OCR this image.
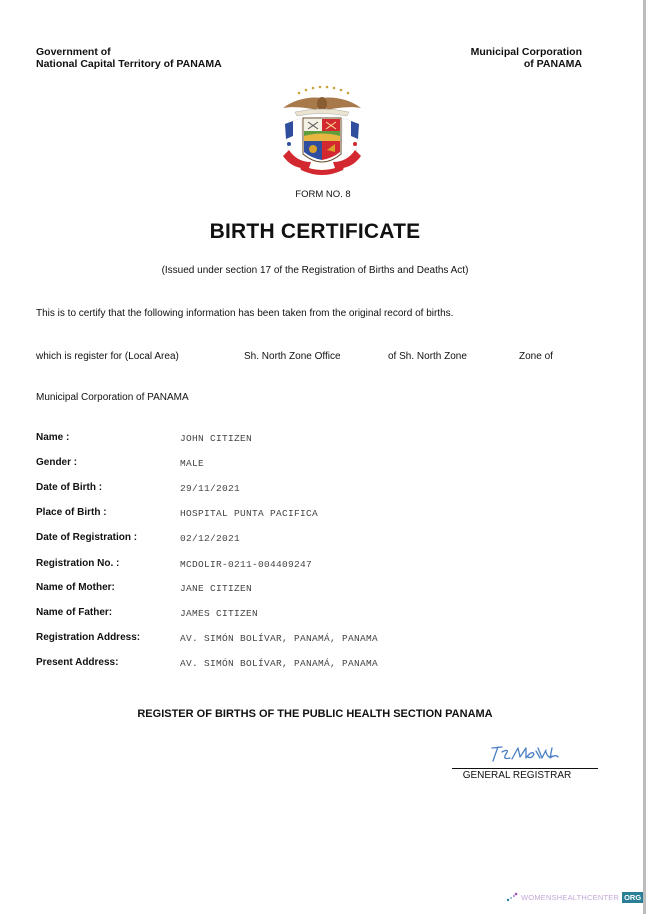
Government of
National Capital Territory of PANAMA
Municipal Corporation
of PANAMA
FORM NO. 8
BIRTH CERTIFICATE
(Issued under section 17 of the Registration of Births and Deaths Act)
This is to certify that the following information has been taken from the original record of births.
which is register for (Local Area)	Sh. North Zone Office	of Sh. North Zone	Zone of
Municipal Corporation of PANAMA
Name :	JOHN CITIZEN
Gender :	MALE
Date of Birth :	29/11/2021
Place of Birth :	HOSPITAL PUNTA PACIFICA
Date of Registration :	02/12/2021
Registration No. :	MCDOLIR-0211-004409247
Name of Mother:	JANE CITIZEN
Name of Father:	JAMES CITIZEN
Registration Address:	AV. SIMÓN BOLÍVAR, PANAMÁ, PANAMA
Present Address:	AV. SIMÓN BOLÍVAR, PANAMÁ, PANAMA
REGISTER OF BIRTHS OF THE PUBLIC HEALTH SECTION PANAMA
GENERAL REGISTRAR
WOMENSHEALTHCENTER ORG
